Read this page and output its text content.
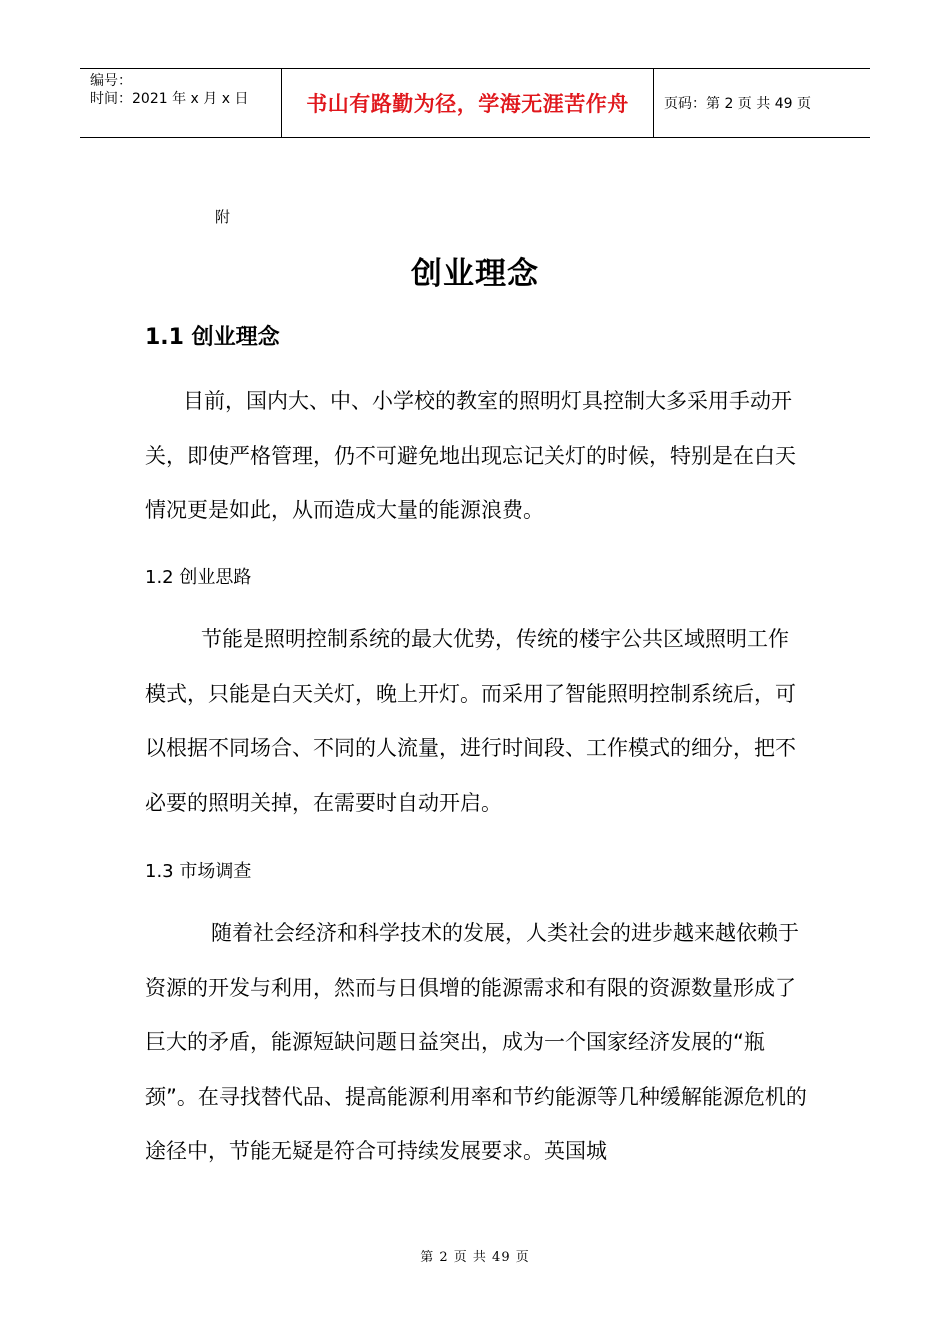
编号：
时间：2021 年 x 月 x 日	书山有路勤为径，学海无涯苦作舟	页码：第 2 页 共 49 页
附
创业理念
1.1 创业理念

目前，国内大、中、小学校的教室的照明灯具控制大多采用手动开关，即使严格管理，仍不可避免地出现忘记关灯的时候，特别是在白天情况更是如此，从而造成大量的能源浪费。

1.2 创业思路

节能是照明控制系统的最大优势，传统的楼宇公共区域照明工作模式，只能是白天关灯，晚上开灯。而采用了智能照明控制系统后，可以根据不同场合、不同的人流量，进行时间段、工作模式的细分，把不必要的照明关掉，在需要时自动开启。

1.3 市场调查

随着社会经济和科学技术的发展，人类社会的进步越来越依赖于资源的开发与利用，然而与日俱增的能源需求和有限的资源数量形成了巨大的矛盾，能源短缺问题日益突出，成为一个国家经济发展的“瓶颈”。在寻找替代品、提高能源利用率和节约能源等几种缓解能源危机的途径中，节能无疑是符合可持续发展要求。英国城

第 2 页 共 49 页
